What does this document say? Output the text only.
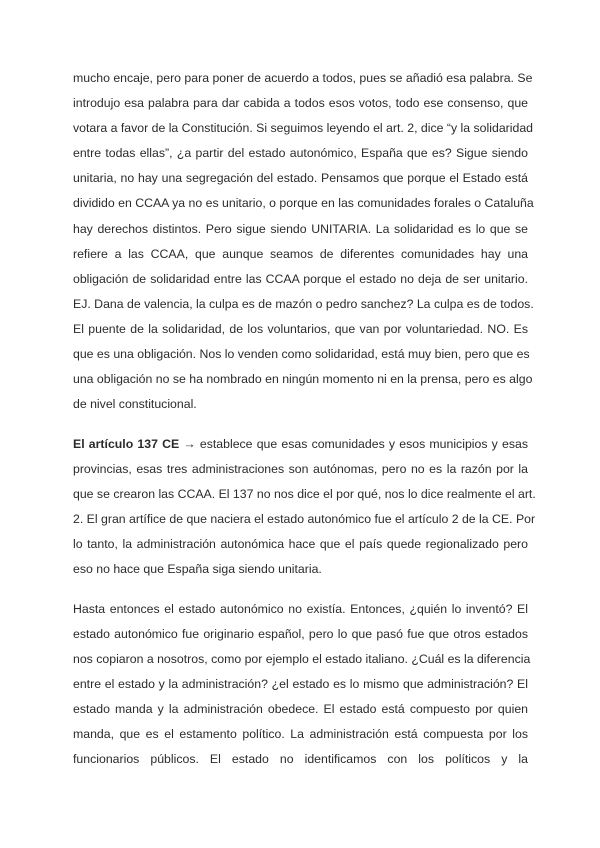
mucho encaje, pero para poner de acuerdo a todos, pues se añadió esa palabra. Se
introdujo esa palabra para dar cabida a todos esos votos, todo ese consenso, que
votara a favor de la Constitución. Si seguimos leyendo el art. 2, dice “y la solidaridad
entre todas ellas”, ¿a partir del estado autonómico, España que es? Sigue siendo
unitaria, no hay una segregación del estado. Pensamos que porque el Estado está
dividido en CCAA ya no es unitario, o porque en las comunidades forales o Cataluña
hay derechos distintos. Pero sigue siendo UNITARIA. La solidaridad es lo que se
refiere a las CCAA, que aunque seamos de diferentes comunidades hay una
obligación de solidaridad entre las CCAA porque el estado no deja de ser unitario.
EJ. Dana de valencia, la culpa es de mazón o pedro sanchez? La culpa es de todos.
El puente de la solidaridad, de los voluntarios, que van por voluntariedad. NO. Es
que es una obligación. Nos lo venden como solidaridad, está muy bien, pero que es
una obligación no se ha nombrado en ningún momento ni en la prensa, pero es algo
de nivel constitucional.
El artículo 137 CE → establece que esas comunidades y esos municipios y esas
provincias, esas tres administraciones son autónomas, pero no es la razón por la
que se crearon las CCAA. El 137 no nos dice el por qué, nos lo dice realmente el art.
2. El gran artífice de que naciera el estado autonómico fue el artículo 2 de la CE. Por
lo tanto, la administración autonómica hace que el país quede regionalizado pero
eso no hace que España siga siendo unitaria.
Hasta entonces el estado autonómico no existía. Entonces, ¿quién lo inventó? El
estado autonómico fue originario español, pero lo que pasó fue que otros estados
nos copiaron a nosotros, como por ejemplo el estado italiano. ¿Cuál es la diferencia
entre el estado y la administración? ¿el estado es lo mismo que administración? El
estado manda y la administración obedece. El estado está compuesto por quien
manda, que es el estamento político. La administración está compuesta por los
funcionarios públicos. El estado no identificamos con los políticos y la
